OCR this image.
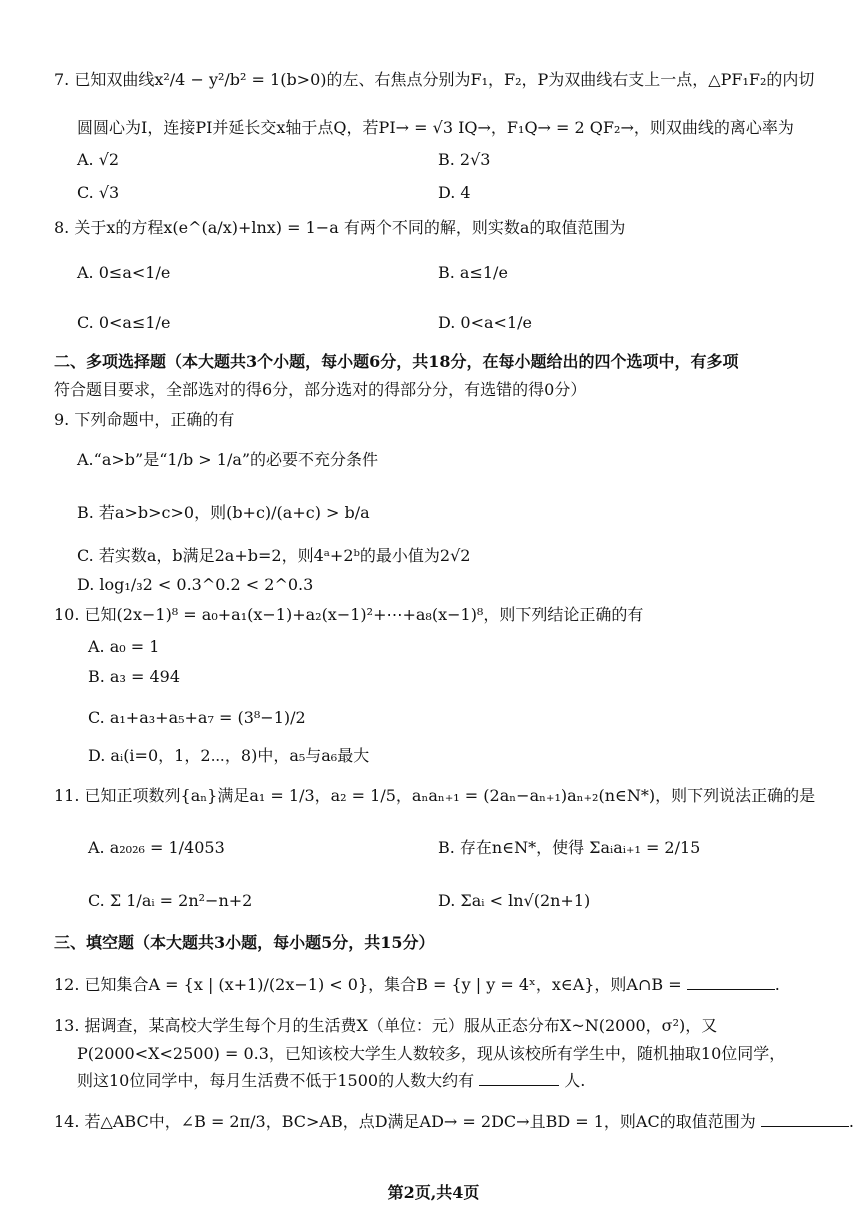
7. 已知双曲线x²/4 − y²/b² = 1(b>0)的左、右焦点分别为F₁，F₂，P为双曲线右支上一点，△PF₁F₂的内切
圆圆心为I，连接PI并延长交x轴于点Q，若PI→ = √3 IQ→，F₁Q→ = 2 QF₂→，则双曲线的离心率为
A. √2	B. 2√3
C. √3	D. 4
8. 关于x的方程x(e^(a/x)+lnx) = 1−a 有两个不同的解，则实数a的取值范围为
A. 0≤a<1/e	B. a≤1/e
C. 0<a≤1/e	D. 0<a<1/e
二、多项选择题（本大题共3个小题，每小题6分，共18分，在每小题给出的四个选项中，有多项
符合题目要求，全部选对的得6分，部分选对的得部分分，有选错的得0分）
9. 下列命题中，正确的有
A.“a>b”是“1/b > 1/a”的必要不充分条件
B. 若a>b>c>0，则(b+c)/(a+c) > b/a
C. 若实数a，b满足2a+b=2，则4ᵃ+2ᵇ的最小值为2√2
D. log₁/₃2 < 0.3^0.2 < 2^0.3
10. 已知(2x−1)⁸ = a₀+a₁(x−1)+a₂(x−1)²+⋯+a₈(x−1)⁸，则下列结论正确的有
A. a₀ = 1
B. a₃ = 494
C. a₁+a₃+a₅+a₇ = (3⁸−1)/2
D. aᵢ(i=0，1，2⋯，8)中，a₅与a₆最大
11. 已知正项数列{aₙ}满足a₁ = 1/3，a₂ = 1/5，aₙaₙ₊₁ = (2aₙ−aₙ₊₁)aₙ₊₂(n∈N*)，则下列说法正确的是
A. a₂₀₂₆ = 1/4053	B. 存在n∈N*，使得 Σaᵢaᵢ₊₁ = 2/15
C. Σ 1/aᵢ = 2n²−n+2	D. Σaᵢ < ln√(2n+1)
三、填空题（本大题共3小题，每小题5分，共15分）
12. 已知集合A = {x | (x+1)/(2x−1) < 0}，集合B = {y | y = 4ˣ，x∈A}，则A∩B =	.
13. 据调查，某高校大学生每个月的生活费X（单位：元）服从正态分布X~N(2000，σ²)，又
P(2000<X<2500) = 0.3，已知该校大学生人数较多，现从该校所有学生中，随机抽取10位同学，
则这10位同学中，每月生活费不低于1500的人数大约有	人.
14. 若△ABC中，∠B = 2π/3，BC>AB，点D满足AD→ = 2DC→且BD = 1，则AC的取值范围为	.
第2页,共4页
